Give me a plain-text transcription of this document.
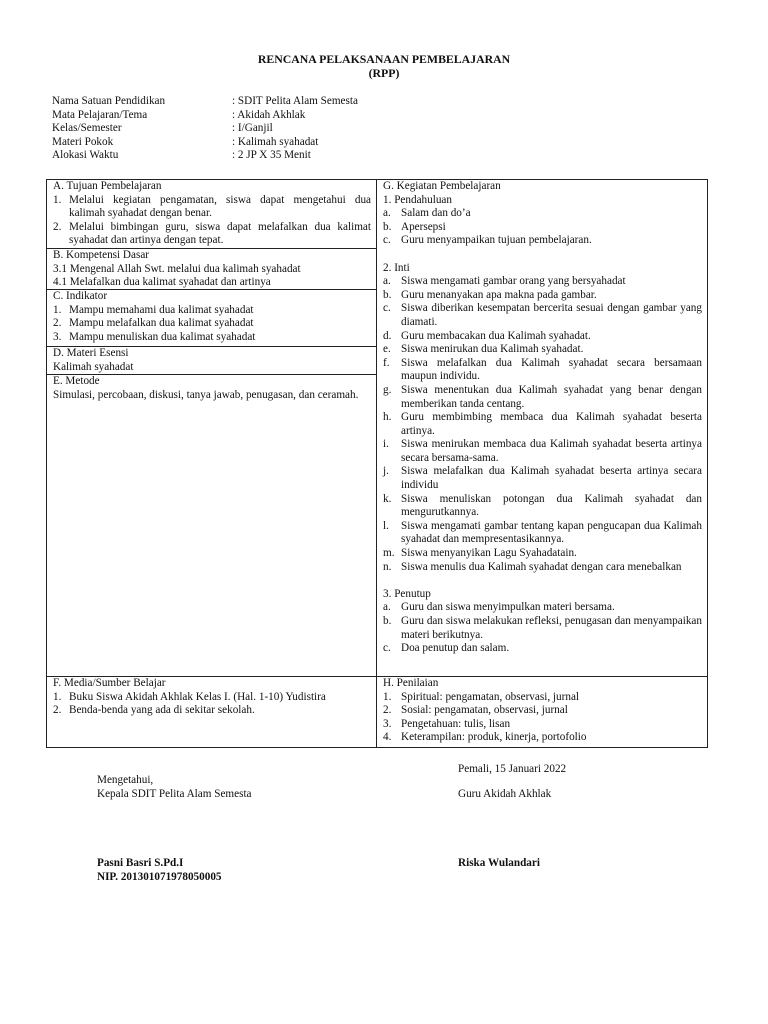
RENCANA PELAKSANAAN PEMBELAJARAN
(RPP)
Nama Satuan Pendidikan	: SDIT Pelita Alam Semesta
Mata Pelajaran/Tema	: Akidah Akhlak
Kelas/Semester	: I/Ganjil
Materi Pokok	: Kalimah syahadat
Alokasi Waktu	: 2 JP X 35 Menit
A. Tujuan Pembelajaran
1. Melalui kegiatan pengamatan, siswa dapat mengetahui dua kalimah syahadat dengan benar.
2. Melalui bimbingan guru, siswa dapat melafalkan dua kalimat syahadat dan artinya dengan tepat.
B. Kompetensi Dasar
3.1 Mengenal Allah Swt. melalui dua kalimah syahadat
4.1 Melafalkan dua kalimat syahadat dan artinya
C. Indikator
1. Mampu memahami dua kalimat syahadat
2. Mampu melafalkan dua kalimat syahadat
3. Mampu menuliskan dua kalimat syahadat
D. Materi Esensi
Kalimah syahadat
E. Metode
Simulasi, percobaan, diskusi, tanya jawab, penugasan, dan ceramah.
F. Media/Sumber Belajar
1. Buku Siswa Akidah Akhlak Kelas I. (Hal. 1-10) Yudistira
2. Benda-benda yang ada di sekitar sekolah.
G. Kegiatan Pembelajaran
1. Pendahuluan
a. Salam dan do’a
b. Apersepsi
c. Guru menyampaikan tujuan pembelajaran.
2. Inti
a. Siswa mengamati gambar orang yang bersyahadat
b. Guru menanyakan apa makna pada gambar.
c. Siswa diberikan kesempatan bercerita sesuai dengan gambar yang diamati.
d. Guru membacakan dua Kalimah syahadat.
e. Siswa menirukan dua Kalimah syahadat.
f.	Siswa melafalkan dua Kalimah syahadat secara bersamaan maupun individu.
g. Siswa menentukan dua Kalimah syahadat yang benar dengan memberikan tanda centang.
h. Guru membimbing membaca dua Kalimah syahadat beserta artinya.
i.	Siswa menirukan membaca dua Kalimah syahadat beserta artinya secara bersama-sama.
j.	Siswa melafalkan dua Kalimah syahadat beserta artinya secara individu
k. Siswa menuliskan potongan dua Kalimah syahadat dan mengurutkannya.
l.	Siswa mengamati gambar tentang kapan pengucapan dua Kalimah syahadat dan mempresentasikannya.
m. Siswa menyanyikan Lagu Syahadatain.
n. Siswa menulis dua Kalimah syahadat dengan cara menebalkan
3. Penutup
a. Guru dan siswa menyimpulkan materi bersama.
b. Guru dan siswa melakukan refleksi, penugasan dan menyampaikan materi berikutnya.
c. Doa penutup dan salam.
H. Penilaian
1. Spiritual: pengamatan, observasi, jurnal
2. Sosial: pengamatan, observasi, jurnal
3. Pengetahuan: tulis, lisan
4. Keterampilan: produk, kinerja, portofolio
Pemali, 15 Januari 2022
Mengetahui,
Kepala SDIT Pelita Alam Semesta	Guru Akidah Akhlak
Pasni Basri S.Pd.I	Riska Wulandari
NIP. 201301071978050005
